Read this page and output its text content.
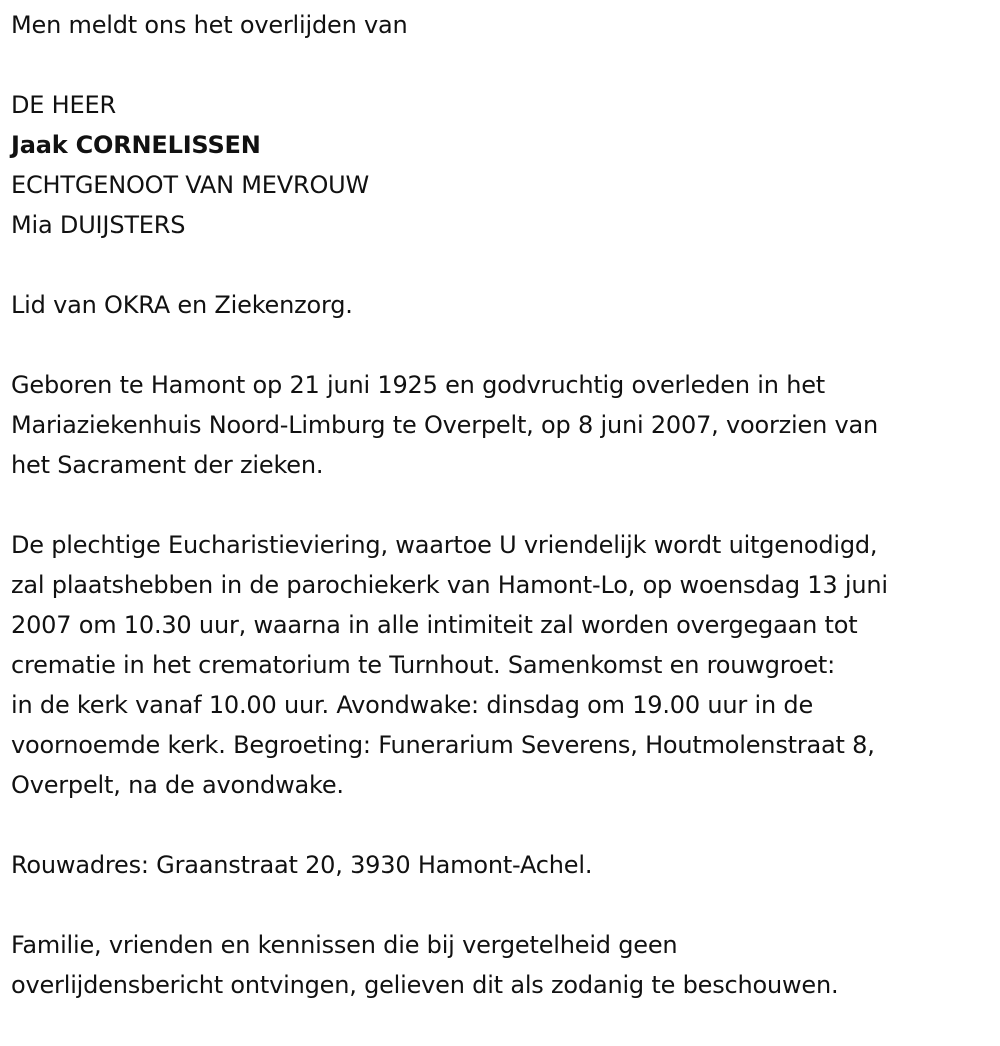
Men meldt ons het overlijden van
DE HEER
Jaak CORNELISSEN
ECHTGENOOT VAN MEVROUW
Mia DUIJSTERS
Lid van OKRA en Ziekenzorg.
Geboren te Hamont op 21 juni 1925 en godvruchtig overleden in het
Mariaziekenhuis Noord-Limburg te Overpelt, op 8 juni 2007, voorzien van
het Sacrament der zieken.
De plechtige Eucharistieviering, waartoe U vriendelijk wordt uitgenodigd,
zal plaatshebben in de parochiekerk van Hamont-Lo, op woensdag 13 juni
2007 om 10.30 uur, waarna in alle intimiteit zal worden overgegaan tot
crematie in het crematorium te Turnhout. Samenkomst en rouwgroet:
in de kerk vanaf 10.00 uur. Avondwake: dinsdag om 19.00 uur in de
voornoemde kerk. Begroeting: Funerarium Severens, Houtmolenstraat 8,
Overpelt, na de avondwake.
Rouwadres: Graanstraat 20, 3930 Hamont-Achel.
Familie, vrienden en kennissen die bij vergetelheid geen
overlijdensbericht ontvingen, gelieven dit als zodanig te beschouwen.
